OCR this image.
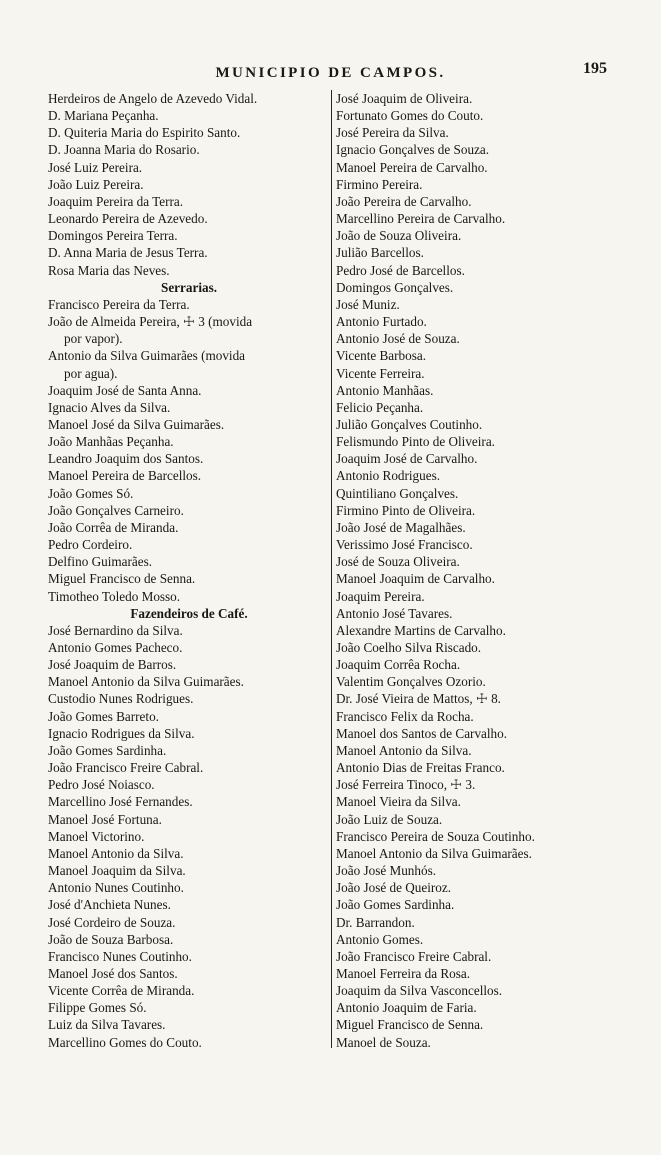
MUNICIPIO DE CAMPOS.	195
Herdeiros de Angelo de Azevedo Vidal.
D. Mariana Peçanha.
D. Quiteria Maria do Espirito Santo.
D. Joanna Maria do Rosario.
José Luiz Pereira.
João Luiz Pereira.
Joaquim Pereira da Terra.
Leonardo Pereira de Azevedo.
Domingos Pereira Terra.
D. Anna Maria de Jesus Terra.
Rosa Maria das Neves.
Serrarias.
Francisco Pereira da Terra.
João de Almeida Pereira, ☩ 3 (movida
por vapor).
Antonio da Silva Guimarães (movida
por agua).
Joaquim José de Santa Anna.
Ignacio Alves da Silva.
Manoel José da Silva Guimarães.
João Manhãas Peçanha.
Leandro Joaquim dos Santos.
Manoel Pereira de Barcellos.
João Gomes Só.
João Gonçalves Carneiro.
João Corrêa de Miranda.
Pedro Cordeiro.
Delfino Guimarães.
Miguel Francisco de Senna.
Timotheo Toledo Mosso.
Fazendeiros de Café.
José Bernardino da Silva.
Antonio Gomes Pacheco.
José Joaquim de Barros.
Manoel Antonio da Silva Guimarães.
Custodio Nunes Rodrigues.
João Gomes Barreto.
Ignacio Rodrigues da Silva.
João Gomes Sardinha.
João Francisco Freire Cabral.
Pedro José Noiasco.
Marcellino José Fernandes.
Manoel José Fortuna.
Manoel Victorino.
Manoel Antonio da Silva.
Manoel Joaquim da Silva.
Antonio Nunes Coutinho.
José d'Anchieta Nunes.
José Cordeiro de Souza.
João de Souza Barbosa.
Francisco Nunes Coutinho.
Manoel José dos Santos.
Vicente Corrêa de Miranda.
Filippe Gomes Só.
Luiz da Silva Tavares.
Marcellino Gomes do Couto.
José Joaquim de Oliveira.
Fortunato Gomes do Couto.
José Pereira da Silva.
Ignacio Gonçalves de Souza.
Manoel Pereira de Carvalho.
Firmino Pereira.
João Pereira de Carvalho.
Marcellino Pereira de Carvalho.
João de Souza Oliveira.
Julião Barcellos.
Pedro José de Barcellos.
Domingos Gonçalves.
José Muniz.
Antonio Furtado.
Antonio José de Souza.
Vicente Barbosa.
Vicente Ferreira.
Antonio Manhãas.
Felicio Peçanha.
Julião Gonçalves Coutinho.
Felismundo Pinto de Oliveira.
Joaquim José de Carvalho.
Antonio Rodrigues.
Quintiliano Gonçalves.
Firmino Pinto de Oliveira.
João José de Magalhães.
Verissimo José Francisco.
José de Souza Oliveira.
Manoel Joaquim de Carvalho.
Joaquim Pereira.
Antonio José Tavares.
Alexandre Martins de Carvalho.
João Coelho Silva Riscado.
Joaquim Corrêa Rocha.
Valentim Gonçalves Ozorio.
Dr. José Vieira de Mattos, ☩ 8.
Francisco Felix da Rocha.
Manoel dos Santos de Carvalho.
Manoel Antonio da Silva.
Antonio Dias de Freitas Franco.
José Ferreira Tinoco, ☩ 3.
Manoel Vieira da Silva.
João Luiz de Souza.
Francisco Pereira de Souza Coutinho.
Manoel Antonio da Silva Guimarães.
João José Munhós.
João José de Queiroz.
João Gomes Sardinha.
Dr. Barrandon.
Antonio Gomes.
João Francisco Freire Cabral.
Manoel Ferreira da Rosa.
Joaquim da Silva Vasconcellos.
Antonio Joaquim de Faria.
Miguel Francisco de Senna.
Manoel de Souza.
